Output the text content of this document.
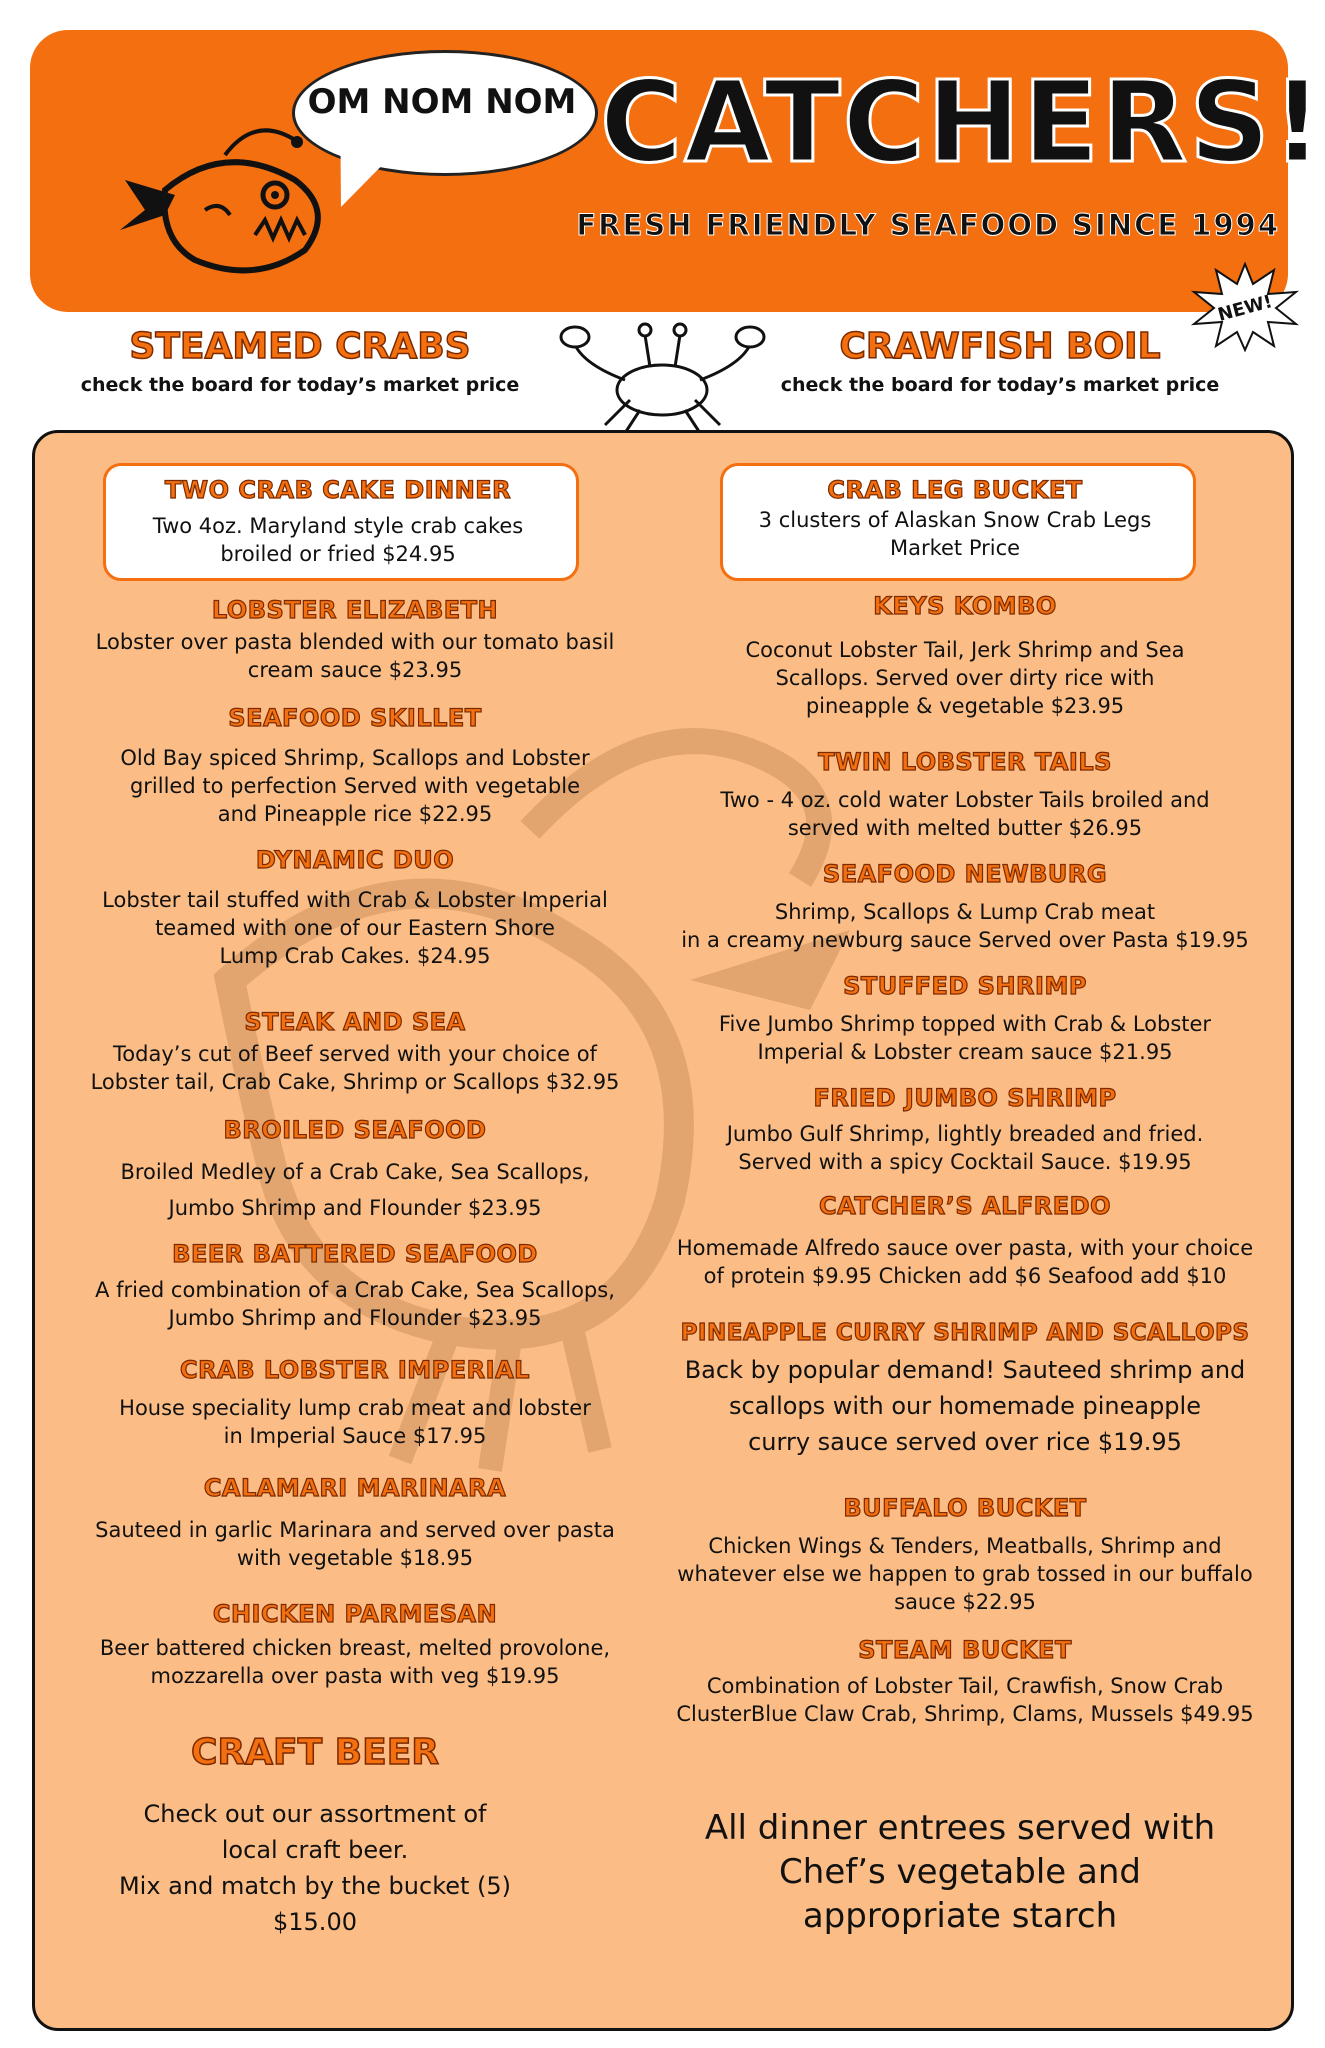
OM NOM NOM CATCHERS!
FRESH FRIENDLY SEAFOOD SINCE 1994
STEAMED CRABS
check the board for today’s market price
CRAWFISH BOIL
check the board for today’s market price
NEW!
TWO CRAB CAKE DINNER
Two 4oz. Maryland style crab cakes
broiled or fried $24.95
CRAB LEG BUCKET
3 clusters of Alaskan Snow Crab Legs
Market Price
LOBSTER ELIZABETH
Lobster over pasta blended with our tomato basil
cream sauce $23.95
SEAFOOD SKILLET
Old Bay spiced Shrimp, Scallops and Lobster
grilled to perfection Served with vegetable
and Pineapple rice $22.95
DYNAMIC DUO
Lobster tail stuffed with Crab & Lobster Imperial
teamed with one of our Eastern Shore
Lump Crab Cakes. $24.95
STEAK AND SEA
Today’s cut of Beef served with your choice of
Lobster tail, Crab Cake, Shrimp or Scallops $32.95
BROILED SEAFOOD
Broiled Medley of a Crab Cake, Sea Scallops,
Jumbo Shrimp and Flounder $23.95
BEER BATTERED SEAFOOD
A fried combination of a Crab Cake, Sea Scallops,
Jumbo Shrimp and Flounder $23.95
CRAB LOBSTER IMPERIAL
House speciality lump crab meat and lobster
in Imperial Sauce $17.95
CALAMARI MARINARA
Sauteed in garlic Marinara and served over pasta
with vegetable $18.95
CHICKEN PARMESAN
Beer battered chicken breast, melted provolone,
mozzarella over pasta with veg $19.95
CRAFT BEER
Check out our assortment of
local craft beer.
Mix and match by the bucket (5)
$15.00
KEYS KOMBO
Coconut Lobster Tail, Jerk Shrimp and Sea
Scallops. Served over dirty rice with
pineapple & vegetable $23.95
TWIN LOBSTER TAILS
Two - 4 oz. cold water Lobster Tails broiled and
served with melted butter $26.95
SEAFOOD NEWBURG
Shrimp, Scallops & Lump Crab meat
in a creamy newburg sauce Served over Pasta $19.95
STUFFED SHRIMP
Five Jumbo Shrimp topped with Crab & Lobster
Imperial & Lobster cream sauce $21.95
FRIED JUMBO SHRIMP
Jumbo Gulf Shrimp, lightly breaded and fried.
Served with a spicy Cocktail Sauce. $19.95
CATCHER’S ALFREDO
Homemade Alfredo sauce over pasta, with your choice
of protein $9.95 Chicken add $6 Seafood add $10
PINEAPPLE CURRY SHRIMP AND SCALLOPS
Back by popular demand! Sauteed shrimp and
scallops with our homemade pineapple
curry sauce served over rice $19.95
BUFFALO BUCKET
Chicken Wings & Tenders, Meatballs, Shrimp and
whatever else we happen to grab tossed in our buffalo
sauce $22.95
STEAM BUCKET
Combination of Lobster Tail, Crawfish, Snow Crab
ClusterBlue Claw Crab, Shrimp, Clams, Mussels $49.95
All dinner entrees served with
Chef’s vegetable and
appropriate starch
